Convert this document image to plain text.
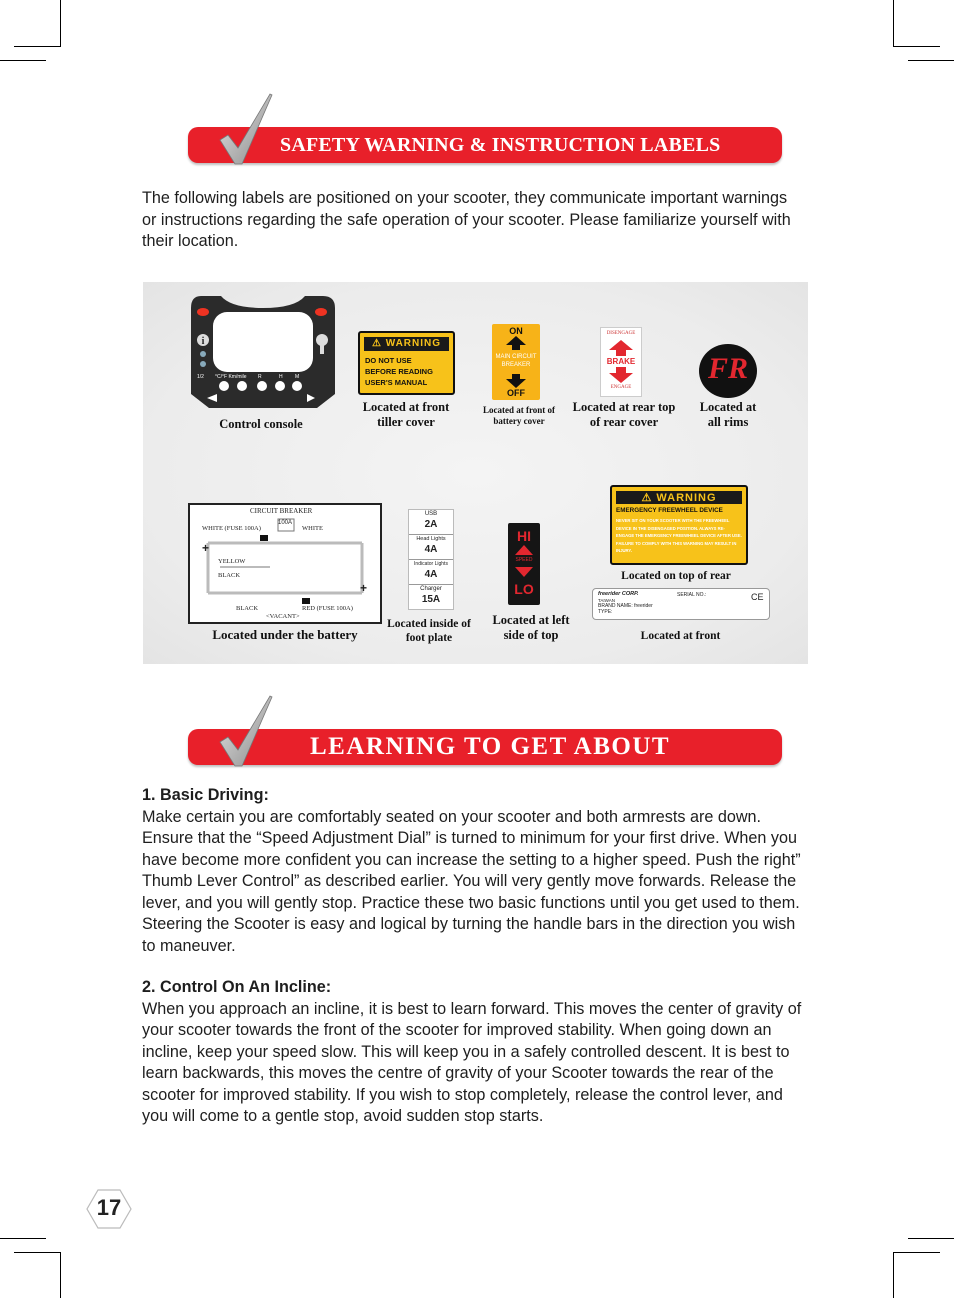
SAFETY WARNING & INSTRUCTION LABELS
The following labels are positioned on your scooter, they communicate important warnings or instructions regarding the safe operation of your scooter. Please familiarize yourself with their location.
i
1/2 °C/°F Km/mile R	H M
Control console
⚠ WARNING
DO NOT USE
BEFORE READING
USER'S MANUAL
Located at front tiller cover
ON
MAIN CIRCUIT BREAKER
OFF
Located at front of battery cover
DISENGAGE
BRAKE
ENGAGE
Located at rear top of rear cover
FR
Located at all rims
CIRCUIT BREAKER
100A
WHITE (FUSE 100A)	WHITE
YELLOW
BLACK
BLACK	RED (FUSE 100A)
<VACANT>
+
+
Located under the battery
USB
2A
Head Lights
4A
Indicator Lights
4A
Charger
15A
Located inside of foot plate
HI
SPEED
LO
Located at left side of top
⚠ WARNING
EMERGENCY FREEWHEEL DEVICE
NEVER SIT ON YOUR SCOOTER WITH THE FREEWHEEL DEVICE IN THE DISENGAGED POSITION. ALWAYS RE-ENGAGE THE EMERGENCY FREEWHEEL DEVICE AFTER USE. FAILURE TO COMPLY WITH THIS WARNING MAY RESULT IN INJURY.
Located on top of rear
freerider CORP.	SERIAL NO.:
TAIWAN
BRAND NAME: freerider
TYPE:
CE
Located at front
LEARNING TO GET ABOUT
1. Basic Driving:

Make certain you are comfortably seated on your scooter and both armrests are down. Ensure that the “Speed Adjustment Dial” is turned to minimum for your first drive. When you have become more confident you can increase the setting to a higher speed. Push the right” Thumb Lever Control” as described earlier. You will very gently move forwards. Release the lever, and you will gently stop. Practice these two basic functions until you get used to them. Steering the Scooter is easy and logical by turning the handle bars in the direction you wish to maneuver.

2. Control On An Incline:

When you approach an incline, it is best to learn forward. This moves the center of gravity of your scooter towards the front of the scooter for improved stability. When going down an incline, keep your speed slow. This will keep you in a safely controlled descent. It is best to learn backwards, this moves the centre of gravity of your Scooter towards the rear of the scooter for improved stability. If you wish to stop completely, release the control lever, and you will come to a gentle stop, avoid sudden stop starts.

17
